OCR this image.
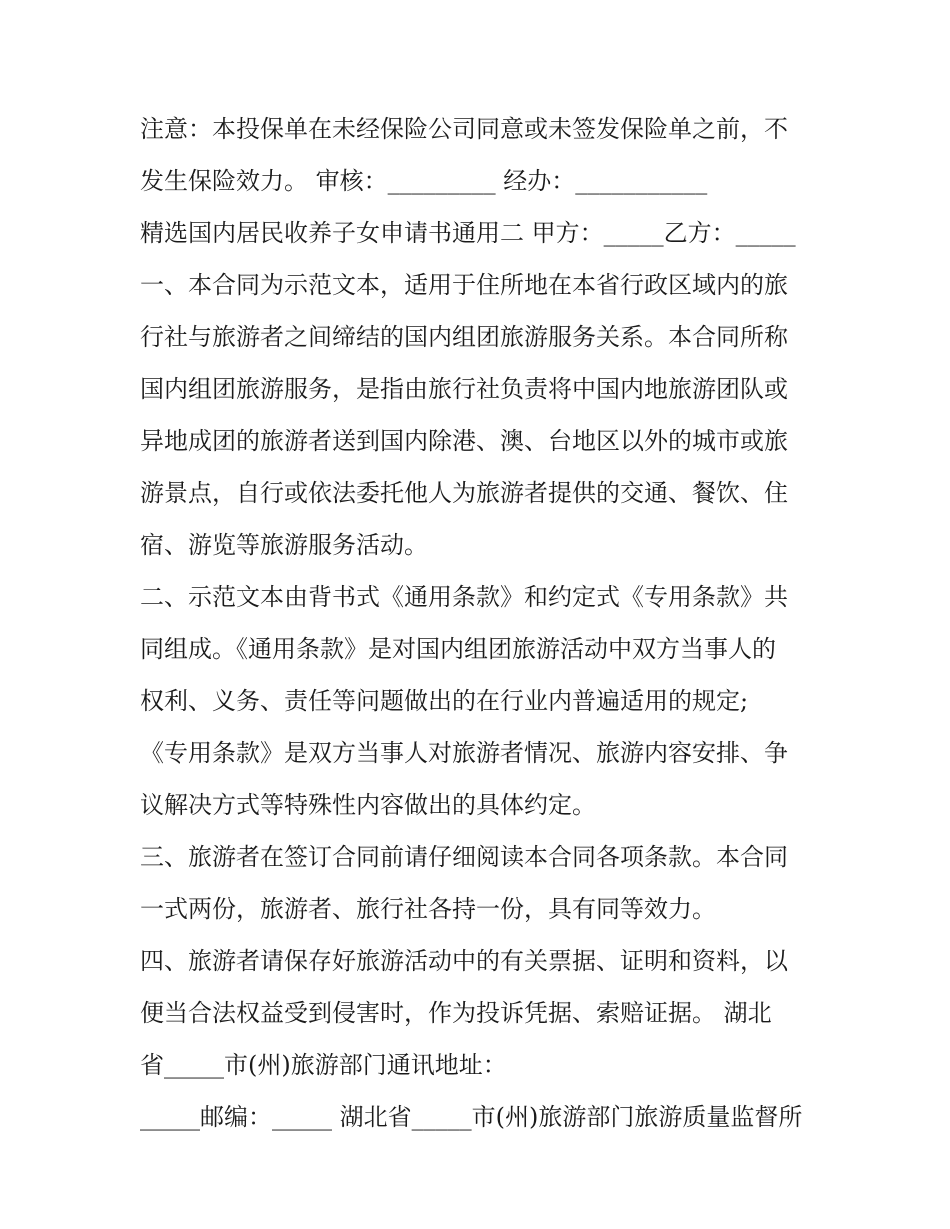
注意：本投保单在未经保险公司同意或未签发保险单之前，不
发生保险效力。 审核：_________ 经办：___________
精选国内居民收养子女申请书通用二 甲方：_____乙方：_____
一、本合同为示范文本，适用于住所地在本省行政区域内的旅
行社与旅游者之间缔结的国内组团旅游服务关系。本合同所称
国内组团旅游服务，是指由旅行社负责将中国内地旅游团队或
异地成团的旅游者送到国内除港、澳、台地区以外的城市或旅
游景点，自行或依法委托他人为旅游者提供的交通、餐饮、住
宿、游览等旅游服务活动。
二、示范文本由背书式《通用条款》和约定式《专用条款》共
同组成。《通用条款》是对国内组团旅游活动中双方当事人的
权利、义务、责任等问题做出的在行业内普遍适用的规定;
《专用条款》是双方当事人对旅游者情况、旅游内容安排、争
议解决方式等特殊性内容做出的具体约定。
三、旅游者在签订合同前请仔细阅读本合同各项条款。本合同
一式两份，旅游者、旅行社各持一份，具有同等效力。
四、旅游者请保存好旅游活动中的有关票据、证明和资料，以
便当合法权益受到侵害时，作为投诉凭据、索赔证据。 湖北
省_____市(州)旅游部门通讯地址：
_____邮编：_____ 湖北省_____市(州)旅游部门旅游质量监督所
